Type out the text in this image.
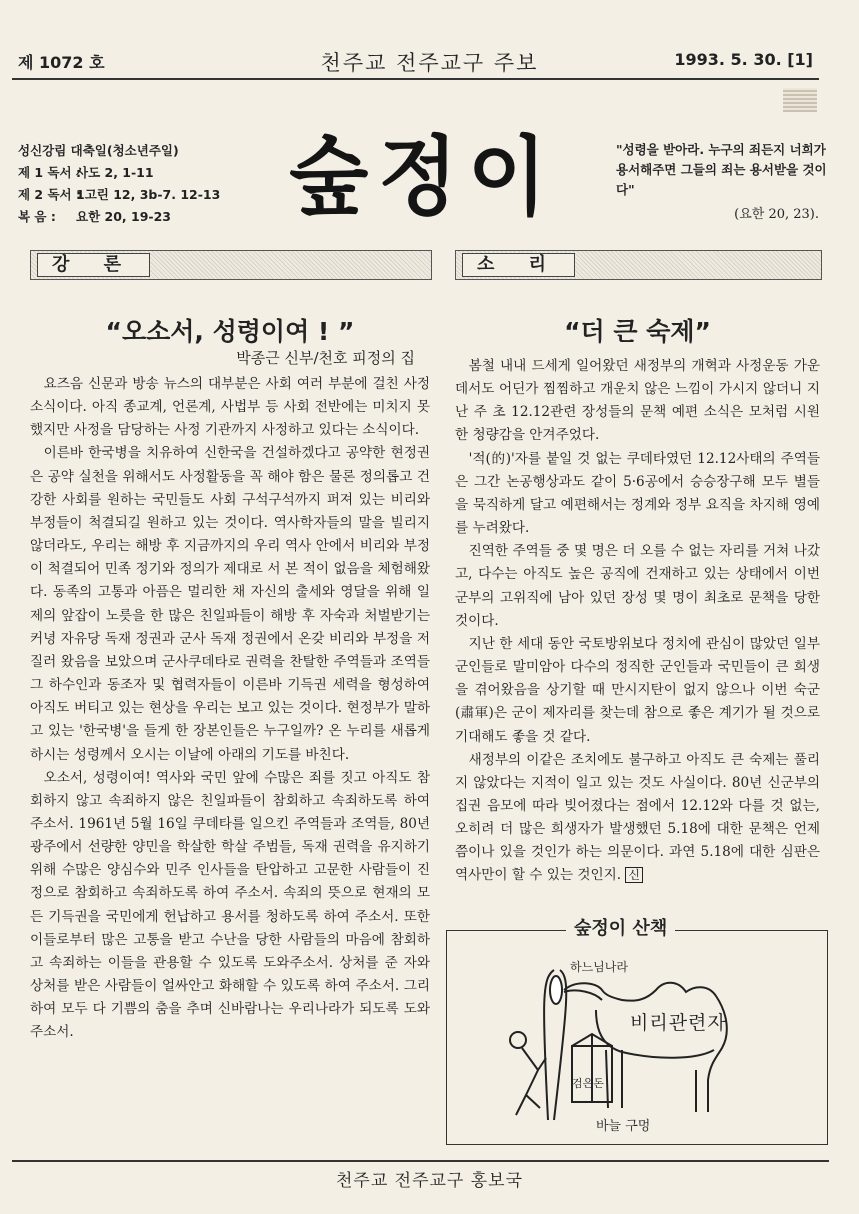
제 1072 호	천주교 전주교구 주보	1993. 5. 30. [1]
성신강림 대축일(청소년주일)
제 1 독서 :사도 2, 1-11
제 2 독서 :1고린 12, 3b-7. 12-13
복 음 : 요한 20, 19-23	숲정이	"성령을 받아라. 누구의 죄든지 너희가 용서해주면 그들의 죄는 용서받을 것이다"
(요한 20, 23).
강 론	소 리
“오소서, 성령이여 ! ”
박종근 신부/천호 피정의 집

요즈음 신문과 방송 뉴스의 대부분은 사회 여러 부분에 걸친 사정소식이다. 아직 종교계, 언론계, 사법부 등 사회 전반에는 미치지 못했지만 사정을 담당하는 사정 기관까지 사정하고 있다는 소식이다.

이른바 한국병을 치유하여 신한국을 건설하겠다고 공약한 현정권은 공약 실천을 위해서도 사정활동을 꼭 해야 함은 물론 정의롭고 건강한 사회를 원하는 국민들도 사회 구석구석까지 퍼져 있는 비리와 부정들이 척결되길 원하고 있는 것이다. 역사학자들의 말을 빌리지 않더라도, 우리는 해방 후 지금까지의 우리 역사 안에서 비리와 부정이 척결되어 민족 정기와 정의가 제대로 서 본 적이 없음을 체험해왔다. 동족의 고통과 아픔은 멀리한 채 자신의 출세와 영달을 위해 일제의 앞잡이 노릇을 한 많은 친일파들이 해방 후 자숙과 처벌받기는커녕 자유당 독재 정권과 군사 독재 정권에서 온갖 비리와 부정을 저질러 왔음을 보았으며 군사쿠데타로 권력을 찬탈한 주역들과 조역들 그 하수인과 동조자 및 협력자들이 이른바 기득권 세력을 형성하여 아직도 버티고 있는 현상을 우리는 보고 있는 것이다. 현정부가 말하고 있는 '한국병'을 들게 한 장본인들은 누구일까? 온 누리를 새롭게 하시는 성령께서 오시는 이날에 아래의 기도를 바친다.

오소서, 성령이여! 역사와 국민 앞에 수많은 죄를 짓고 아직도 참회하지 않고 속죄하지 않은 친일파들이 참회하고 속죄하도록 하여 주소서. 1961년 5월 16일 쿠데타를 일으킨 주역들과 조역들, 80년 광주에서 선량한 양민을 학살한 학살 주범들, 독재 권력을 유지하기 위해 수많은 양심수와 민주 인사들을 탄압하고 고문한 사람들이 진정으로 참회하고 속죄하도록 하여 주소서. 속죄의 뜻으로 현재의 모든 기득권을 국민에게 헌납하고 용서를 청하도록 하여 주소서. 또한 이들로부터 많은 고통을 받고 수난을 당한 사람들의 마음에 참회하고 속죄하는 이들을 관용할 수 있도록 도와주소서. 상처를 준 자와 상처를 받은 사람들이 얼싸안고 화해할 수 있도록 하여 주소서. 그리하여 모두 다 기쁨의 춤을 추며 신바람나는 우리나라가 되도록 도와주소서.

“더 큰 숙제”

봄철 내내 드세게 일어왔던 새정부의 개혁과 사정운동 가운데서도 어딘가 찜찜하고 개운치 않은 느낌이 가시지 않더니 지난 주 초 12.12관련 장성들의 문책 예편 소식은 모처럼 시원한 청량감을 안겨주었다.

'적(的)'자를 붙일 것 없는 쿠데타였던 12.12사태의 주역들은 그간 논공행상과도 같이 5·6공에서 승승장구해 모두 별들을 묵직하게 달고 예편해서는 정계와 정부 요직을 차지해 영예를 누려왔다.

진역한 주역들 중 몇 명은 더 오를 수 없는 자리를 거쳐 나갔고, 다수는 아직도 높은 공직에 건재하고 있는 상태에서 이번 군부의 고위직에 남아 있던 장성 몇 명이 최초로 문책을 당한 것이다.

지난 한 세대 동안 국토방위보다 정치에 관심이 많았던 일부 군인들로 말미암아 다수의 정직한 군인들과 국민들이 큰 희생을 겪어왔음을 상기할 때 만시지탄이 없지 않으나 이번 숙군(肅軍)은 군이 제자리를 찾는데 참으로 좋은 계기가 될 것으로 기대해도 좋을 것 같다.

새정부의 이같은 조치에도 불구하고 아직도 큰 숙제는 풀리지 않았다는 지적이 일고 있는 것도 사실이다. 80년 신군부의 집권 음모에 따라 빚어졌다는 점에서 12.12와 다를 것 없는, 오히려 더 많은 희생자가 발생했던 5.18에 대한 문책은 언제쯤이나 있을 것인가 하는 의문이다. 과연 5.18에 대한 심판은 역사만이 할 수 있는 것인지. 신

숲정이 산책
하느님나라
비리관련자
검은돈
바늘 구멍
천주교 전주교구 홍보국
